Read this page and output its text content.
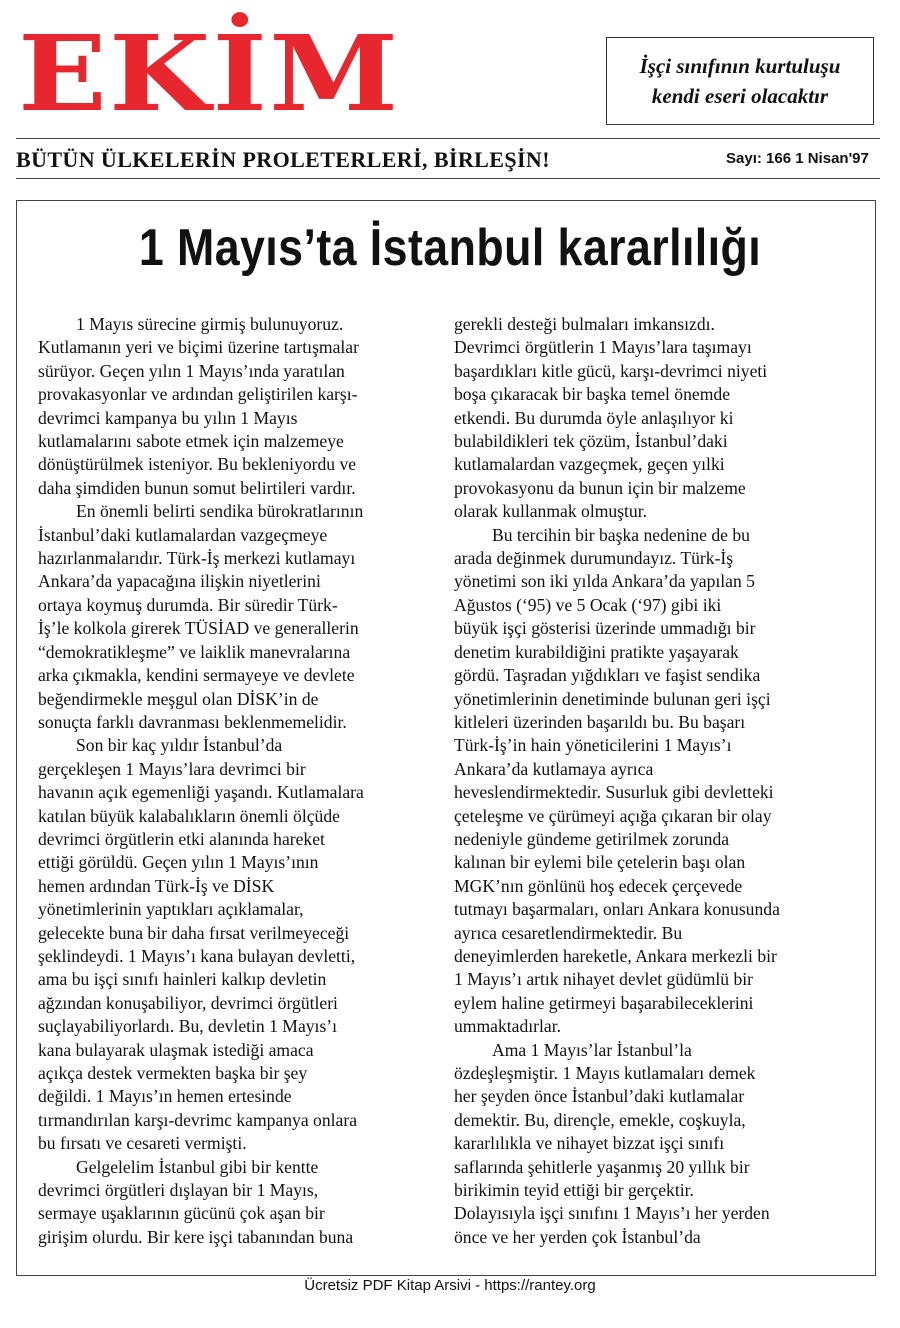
EKİM	İşçi sınıfının kurtuluşu
kendi eseri olacaktır
BÜTÜN ÜLKELERİN PROLETERLERİ, BİRLEŞİN!	Sayı: 166 1 Nisan'97
1 Mayıs’ta İstanbul kararlılığı

1 Mayıs sürecine girmiş bulunuyoruz.

Kutlamanın yeri ve biçimi üzerine tartışmalar

sürüyor. Geçen yılın 1 Mayıs’ında yaratılan

provakasyonlar ve ardından geliştirilen karşı-

devrimci kampanya bu yılın 1 Mayıs

kutlamalarını sabote etmek için malzemeye

dönüştürülmek isteniyor. Bu bekleniyordu ve

daha şimdiden bunun somut belirtileri vardır.

En önemli belirti sendika bürokratlarının

İstanbul’daki kutlamalardan vazgeçmeye

hazırlanmalarıdır. Türk-İş merkezi kutlamayı

Ankara’da yapacağına ilişkin niyetlerini

ortaya koymuş durumda. Bir süredir Türk-

İş’le kolkola girerek TÜSİAD ve generallerin

“demokratikleşme” ve laiklik manevralarına

arka çıkmakla, kendini sermayeye ve devlete

beğendirmekle meşgul olan DİSK’in de

sonuçta farklı davranması beklenmemelidir.

Son bir kaç yıldır İstanbul’da

gerçekleşen 1 Mayıs’lara devrimci bir

havanın açık egemenliği yaşandı. Kutlamalara

katılan büyük kalabalıkların önemli ölçüde

devrimci örgütlerin etki alanında hareket

ettiği görüldü. Geçen yılın 1 Mayıs’ının

hemen ardından Türk-İş ve DİSK

yönetimlerinin yaptıkları açıklamalar,

gelecekte buna bir daha fırsat verilmeyeceği

şeklindeydi. 1 Mayıs’ı kana bulayan devletti,

ama bu işçi sınıfı hainleri kalkıp devletin

ağzından konuşabiliyor, devrimci örgütleri

suçlayabiliyorlardı. Bu, devletin 1 Mayıs’ı

kana bulayarak ulaşmak istediği amaca

açıkça destek vermekten başka bir şey

değildi. 1 Mayıs’ın hemen ertesinde

tırmandırılan karşı-devrimc kampanya onlara

bu fırsatı ve cesareti vermişti.

Gelgelelim İstanbul gibi bir kentte

devrimci örgütleri dışlayan bir 1 Mayıs,

sermaye uşaklarının gücünü çok aşan bir

girişim olurdu. Bir kere işçi tabanından buna

gerekli desteği bulmaları imkansızdı.

Devrimci örgütlerin 1 Mayıs’lara taşımayı

başardıkları kitle gücü, karşı-devrimci niyeti

boşa çıkaracak bir başka temel önemde

etkendi. Bu durumda öyle anlaşılıyor ki

bulabildikleri tek çözüm, İstanbul’daki

kutlamalardan vazgeçmek, geçen yılki

provokasyonu da bunun için bir malzeme

olarak kullanmak olmuştur.

Bu tercihin bir başka nedenine de bu

arada değinmek durumundayız. Türk-İş

yönetimi son iki yılda Ankara’da yapılan 5

Ağustos (‘95) ve 5 Ocak (‘97) gibi iki

büyük işçi gösterisi üzerinde ummadığı bir

denetim kurabildiğini pratikte yaşayarak

gördü. Taşradan yığdıkları ve faşist sendika

yönetimlerinin denetiminde bulunan geri işçi

kitleleri üzerinden başarıldı bu. Bu başarı

Türk-İş’in hain yöneticilerini 1 Mayıs’ı

Ankara’da kutlamaya ayrıca

heveslendirmektedir. Susurluk gibi devletteki

çeteleşme ve çürümeyi açığa çıkaran bir olay

nedeniyle gündeme getirilmek zorunda

kalınan bir eylemi bile çetelerin başı olan

MGK’nın gönlünü hoş edecek çerçevede

tutmayı başarmaları, onları Ankara konusunda

ayrıca cesaretlendirmektedir. Bu

deneyimlerden hareketle, Ankara merkezli bir

1 Mayıs’ı artık nihayet devlet güdümlü bir

eylem haline getirmeyi başarabileceklerini

ummaktadırlar.

Ama 1 Mayıs’lar İstanbul’la

özdeşleşmiştir. 1 Mayıs kutlamaları demek

her şeyden önce İstanbul’daki kutlamalar

demektir. Bu, dirençle, emekle, coşkuyla,

kararlılıkla ve nihayet bizzat işçi sınıfı

saflarında şehitlerle yaşanmış 20 yıllık bir

birikimin teyid ettiği bir gerçektir.

Dolayısıyla işçi sınıfını 1 Mayıs’ı her yerden

önce ve her yerden çok İstanbul’da

Ücretsiz PDF Kitap Arsivi - https://rantey.org
